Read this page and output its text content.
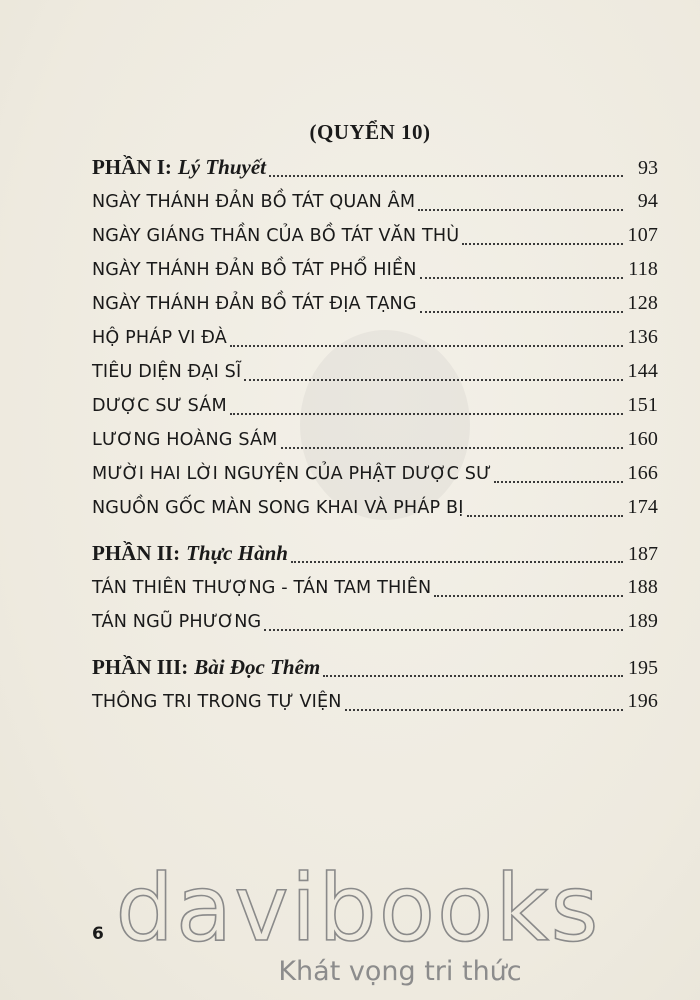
(QUYỂN 10)
PHẦN I: Lý Thuyết	93
NGÀY THÁNH ĐẢN BỒ TÁT QUAN ÂM	94
NGÀY GIÁNG THẦN CỦA BỒ TÁT VĂN THÙ	107
NGÀY THÁNH ĐẢN BỒ TÁT PHỔ HIỀN	118
NGÀY THÁNH ĐẢN BỒ TÁT ĐỊA TẠNG	128
HỘ PHÁP VI ĐÀ	136
TIÊU DIỆN ĐẠI SĨ	144
DƯỢC SƯ SÁM	151
LƯƠNG HOÀNG SÁM	160
MƯỜI HAI LỜI NGUYỆN CỦA PHẬT DƯỢC SƯ	166
NGUỒN GỐC MÀN SONG KHAI VÀ PHÁP BỊ	174
PHẦN II: Thực Hành	187
TÁN THIÊN THƯỢNG - TÁN TAM THIÊN	188
TÁN NGŨ PHƯƠNG	189
PHẦN III: Bài Đọc Thêm	195
THÔNG TRI TRONG TỰ VIỆN	196
6 davibooks
Khát vọng tri thức
